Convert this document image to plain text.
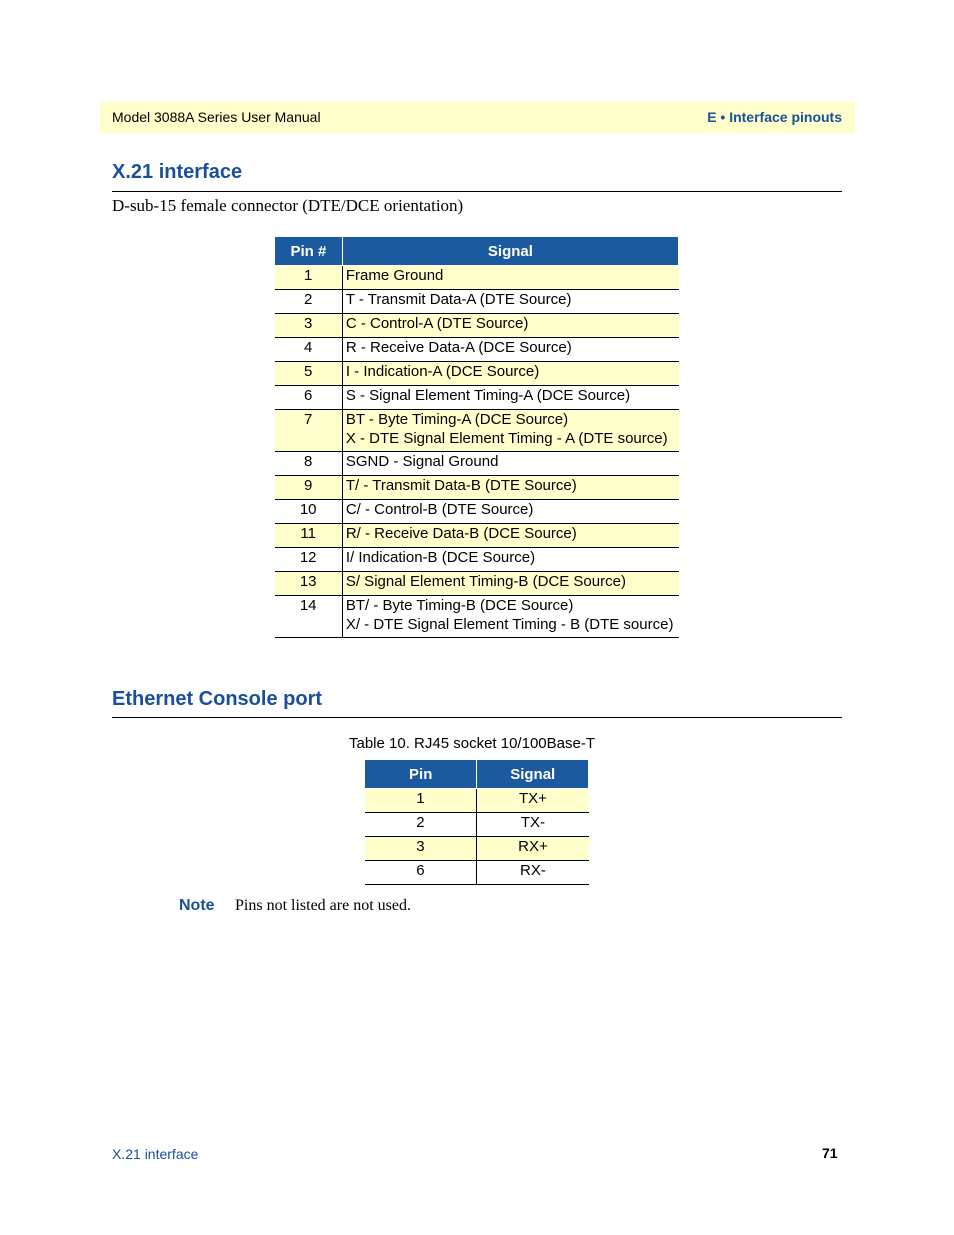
Model 3088A Series User Manual	E • Interface pinouts
X.21 interface
D-sub-15 female connector (DTE/DCE orientation)
Pin #	Signal
1	Frame Ground

2	T - Transmit Data-A (DTE Source)

3	C - Control-A (DTE Source)

4	R - Receive Data-A (DCE Source)

5	I - Indication-A (DCE Source)

6	S - Signal Element Timing-A (DCE Source)

7	BT - Byte Timing-A (DCE Source)
X - DTE Signal Element Timing - A (DTE source)

8	SGND - Signal Ground

9	T/ - Transmit Data-B (DTE Source)

10	C/ - Control-B (DTE Source)

11	R/ - Receive Data-B (DCE Source)

12	I/ Indication-B (DCE Source)

13	S/ Signal Element Timing-B (DCE Source)

14	BT/ - Byte Timing-B (DCE Source)
X/ - DTE Signal Element Timing - B (DTE source)
Ethernet Console port
Table 10. RJ45 socket 10/100Base-T
Pin	Signal
1	TX+
2	TX-
3	RX+
6	RX-
Note Pins not listed are not used.
X.21 interface	71
